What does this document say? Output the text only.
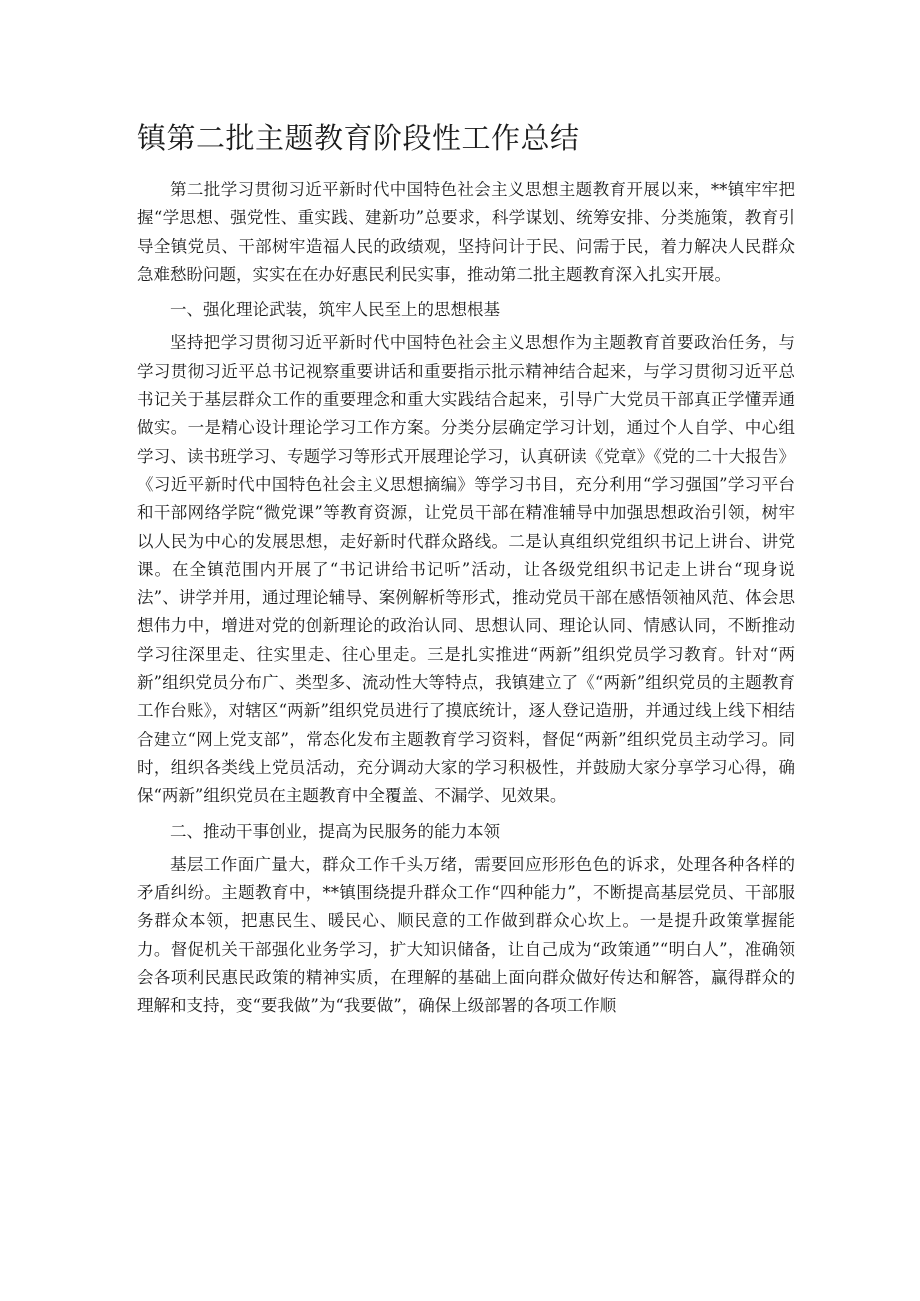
镇第二批主题教育阶段性工作总结

第二批学习贯彻习近平新时代中国特色社会主义思想主题教育开展以来，**镇牢牢把握“学思想、强党性、重实践、建新功”总要求，科学谋划、统筹安排、分类施策，教育引导全镇党员、干部树牢造福人民的政绩观，坚持问计于民、问需于民，着力解决人民群众急难愁盼问题，实实在在办好惠民利民实事，推动第二批主题教育深入扎实开展。

一、强化理论武装，筑牢人民至上的思想根基

坚持把学习贯彻习近平新时代中国特色社会主义思想作为主题教育首要政治任务，与学习贯彻习近平总书记视察重要讲话和重要指示批示精神结合起来，与学习贯彻习近平总书记关于基层群众工作的重要理念和重大实践结合起来，引导广大党员干部真正学懂弄通做实。一是精心设计理论学习工作方案。分类分层确定学习计划，通过个人自学、中心组学习、读书班学习、专题学习等形式开展理论学习，认真研读《党章》《党的二十大报告》《习近平新时代中国特色社会主义思想摘编》等学习书目，充分利用“学习强国”学习平台和干部网络学院“微党课”等教育资源，让党员干部在精准辅导中加强思想政治引领，树牢以人民为中心的发展思想，走好新时代群众路线。二是认真组织党组织书记上讲台、讲党课。在全镇范围内开展了“书记讲给书记听”活动，让各级党组织书记走上讲台“现身说法”、讲学并用，通过理论辅导、案例解析等形式，推动党员干部在感悟领袖风范、体会思想伟力中，增进对党的创新理论的政治认同、思想认同、理论认同、情感认同，不断推动学习往深里走、往实里走、往心里走。三是扎实推进“两新”组织党员学习教育。针对“两新”组织党员分布广、类型多、流动性大等特点，我镇建立了《“两新”组织党员的主题教育工作台账》，对辖区“两新”组织党员进行了摸底统计，逐人登记造册，并通过线上线下相结合建立“网上党支部”，常态化发布主题教育学习资料，督促“两新”组织党员主动学习。同时，组织各类线上党员活动，充分调动大家的学习积极性，并鼓励大家分享学习心得，确保“两新”组织党员在主题教育中全覆盖、不漏学、见效果。

二、推动干事创业，提高为民服务的能力本领

基层工作面广量大，群众工作千头万绪，需要回应形形色色的诉求，处理各种各样的矛盾纠纷。主题教育中，**镇围绕提升群众工作“四种能力”，不断提高基层党员、干部服务群众本领，把惠民生、暖民心、顺民意的工作做到群众心坎上。一是提升政策掌握能力。督促机关干部强化业务学习，扩大知识储备，让自己成为“政策通”“明白人”，准确领会各项利民惠民政策的精神实质，在理解的基础上面向群众做好传达和解答，赢得群众的理解和支持，变“要我做”为“我要做”，确保上级部署的各项工作顺
